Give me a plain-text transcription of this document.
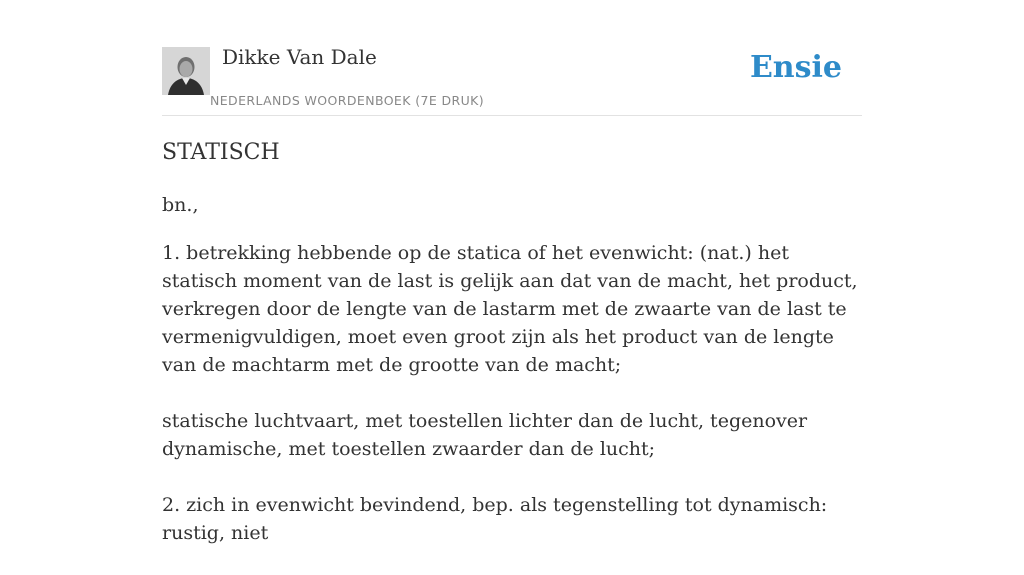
Dikke Van Dale
NEDERLANDS WOORDENBOEK (7E DRUK)
Ensie
STATISCH
bn.,

1. betrekking hebbende op de statica of het evenwicht: (nat.) het statisch moment van de last is gelijk aan dat van de macht, het product, verkregen door de lengte van de lastarm met de zwaarte van de last te vermenigvuldigen, moet even groot zijn als het product van de lengte van de machtarm met de grootte van de macht;

statische luchtvaart, met toestellen lichter dan de lucht, tegenover dynamische, met toestellen zwaarder dan de lucht;

2. zich in evenwicht bevindend, bep. als tegenstelling tot dynamisch: rustig, niet
